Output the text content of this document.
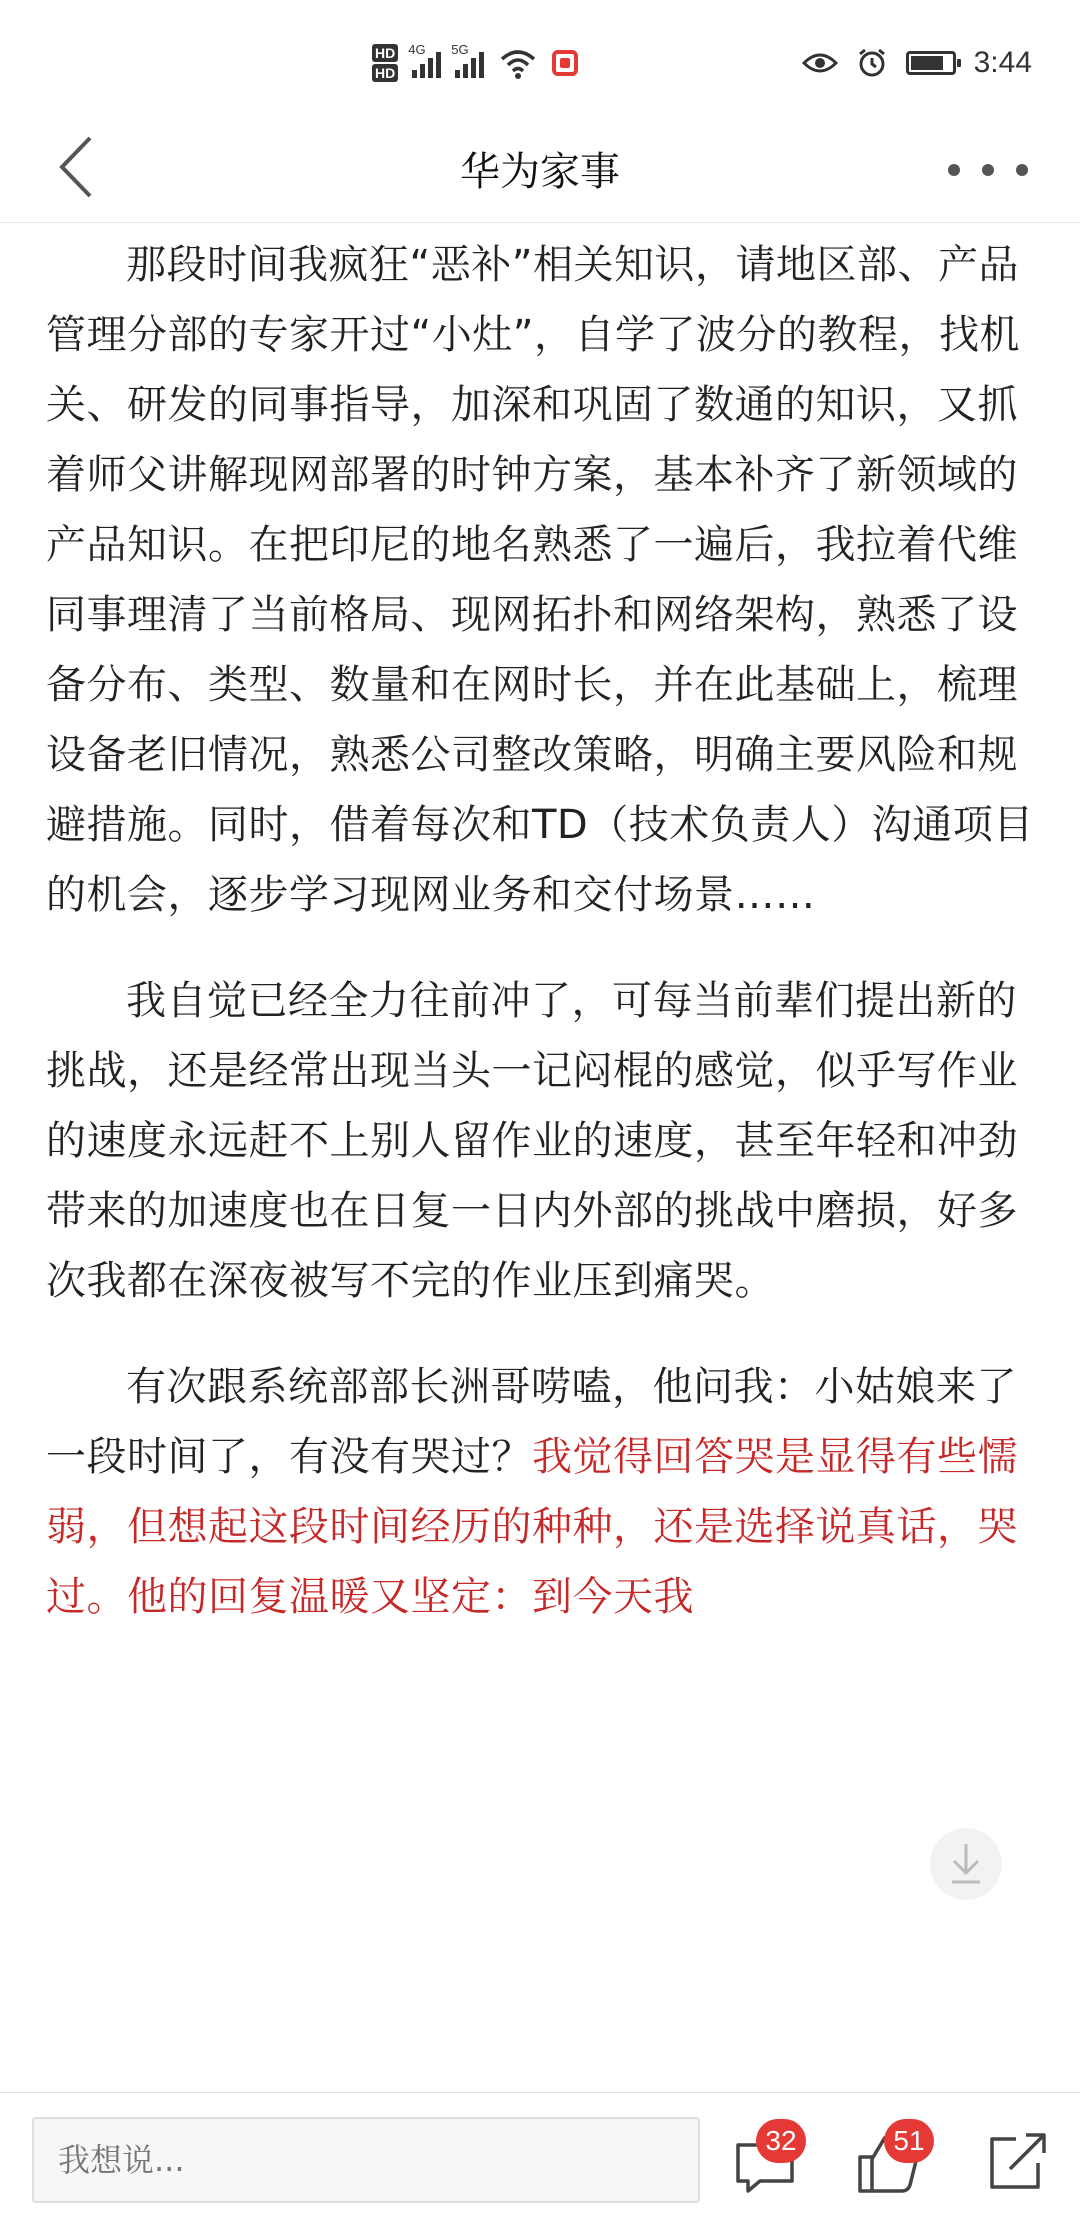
HD
HD
4G 5G	3:44
华为家事

那段时间我疯狂“恶补”相关知识，请地区部、产品管理分部的专家开过“小灶”，自学了波分的教程，找机关、研发的同事指导，加深和巩固了数通的知识，又抓着师父讲解现网部署的时钟方案，基本补齐了新领域的产品知识。在把印尼的地名熟悉了一遍后，我拉着代维同事理清了当前格局、现网拓扑和网络架构，熟悉了设备分布、类型、数量和在网时长，并在此基础上，梳理设备老旧情况，熟悉公司整改策略，明确主要风险和规避措施。同时，借着每次和TD（技术负责人）沟通项目的机会，逐步学习现网业务和交付场景……

我自觉已经全力往前冲了，可每当前辈们提出新的挑战，还是经常出现当头一记闷棍的感觉，似乎写作业的速度永远赶不上别人留作业的速度，甚至年轻和冲劲带来的加速度也在日复一日内外部的挑战中磨损，好多次我都在深夜被写不完的作业压到痛哭。

有次跟系统部部长洲哥唠嗑，他问我：小姑娘来了一段时间了，有没有哭过？我觉得回答哭是显得有些懦弱，但想起这段时间经历的种种，还是选择说真话，哭过。他的回复温暖又坚定：到今天我

我想说...
32	51
